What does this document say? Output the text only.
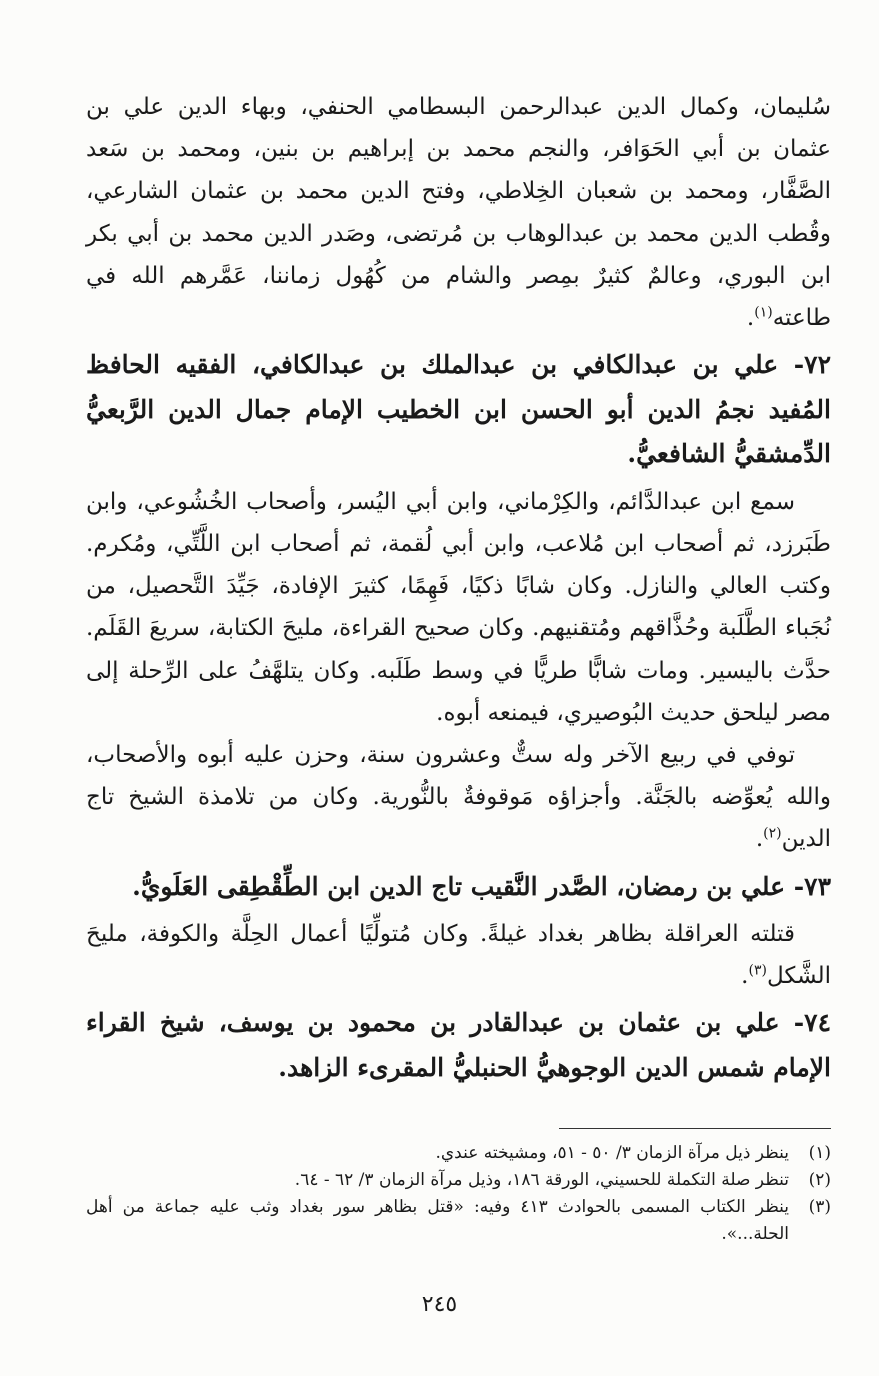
سُليمان، وكمال الدين عبدالرحمن البسطامي الحنفي، وبهاء الدين علي بن عثمان بن أبي الحَوَافر، والنجم محمد بن إبراهيم بن بنين، ومحمد بن سَعد الصَّفَّار، ومحمد بن شعبان الخِلاطي، وفتح الدين محمد بن عثمان الشارعي، وقُطب الدين محمد بن عبدالوهاب بن مُرتضى، وصَدر الدين محمد بن أبي بكر ابن البوري، وعالمٌ كثيرٌ بمِصر والشام من كُهُول زماننا، عَمَّرهم الله في طاعته$^{(١)}$.

٧٢- علي بن عبدالكافي بن عبدالملك بن عبدالكافي، الفقيه الحافظ المُفيد نجمُ الدين أبو الحسن ابن الخطيب الإمام جمال الدين الرَّبعيُّ الدِّمشقيُّ الشافعيُّ.

سمع ابن عبدالدَّائم، والكِرْماني، وابن أبي اليُسر، وأصحاب الخُشُوعي، وابن طَبَرزد، ثم أصحاب ابن مُلاعب، وابن أبي لُقمة، ثم أصحاب ابن اللَّتِّي، ومُكرم. وكتب العالي والنازل. وكان شابًا ذكيًا، فَهِمًا، كثيرَ الإفادة، جَيِّدَ التَّحصيل، من نُجَباء الطَّلَبة وحُذَّاقهم ومُتقنيهم. وكان صحيح القراءة، مليحَ الكتابة، سريعَ القَلَم. حدَّث باليسير. ومات شابًّا طريًّا في وسط طَلَبه. وكان يتلهَّفُ على الرِّحلة إلى مصر ليلحق حديث البُوصيري، فيمنعه أبوه.

توفي في ربيع الآخر وله ستٌّ وعشرون سنة، وحزن عليه أبوه والأصحاب، والله يُعوِّضه بالجَنَّة. وأجزاؤه مَوقوفةٌ بالنُّورية. وكان من تلامذة الشيخ تاج الدين$^{(٢)}$.

٧٣- علي بن رمضان، الصَّدر النَّقيب تاج الدين ابن الطِّقْطِقى العَلَويُّ.

قتلته العراقلة بظاهر بغداد غيلةً. وكان مُتولِّيًا أعمال الحِلَّة والكوفة، مليحَ الشَّكل$^{(٣)}$.

٧٤- علي بن عثمان بن عبدالقادر بن محمود بن يوسف، شيخ القراء الإمام شمس الدين الوجوهيُّ الحنبليُّ المقرىء الزاهد.

(١)
ينظر ذيل مرآة الزمان ٣/ ٥٠ - ٥١، ومشيخته عندي.
(٢)
تنظر صلة التكملة للحسيني، الورقة ١٨٦، وذيل مرآة الزمان ٣/ ٦٢ - ٦٤.
(٣)
ينظر الكتاب المسمى بالحوادث ٤١٣ وفيه: «قتل بظاهر سور بغداد وثب عليه جماعة من أهل الحلة...».
٢٤٥
